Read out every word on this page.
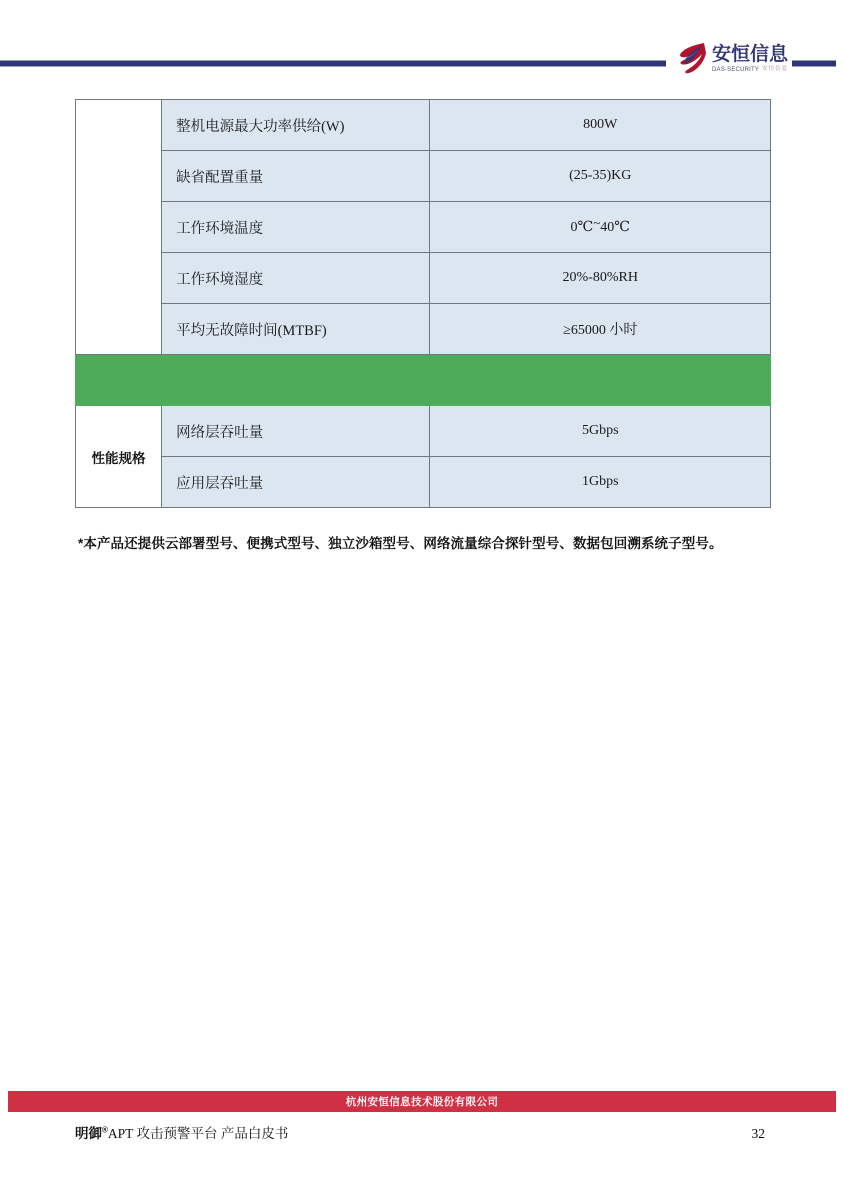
安恒信息
DAS-SECURITY 安恒信息
	整机电源最大功率供给(W)	800W
	缺省配置重量	(25-35)KG
	工作环境温度	0℃~40℃
	工作环境湿度	20%-80%RH
	平均无故障时间(MTBF)	≥65000 小时

性能规格	网络层吞吐量	5Gbps
	应用层吞吐量	1Gbps
*本产品还提供云部署型号、便携式型号、独立沙箱型号、网络流量综合探针型号、数据包回溯系统子型号。
杭州安恒信息技术股份有限公司
明御®APT 攻击预警平台 产品白皮书	32
